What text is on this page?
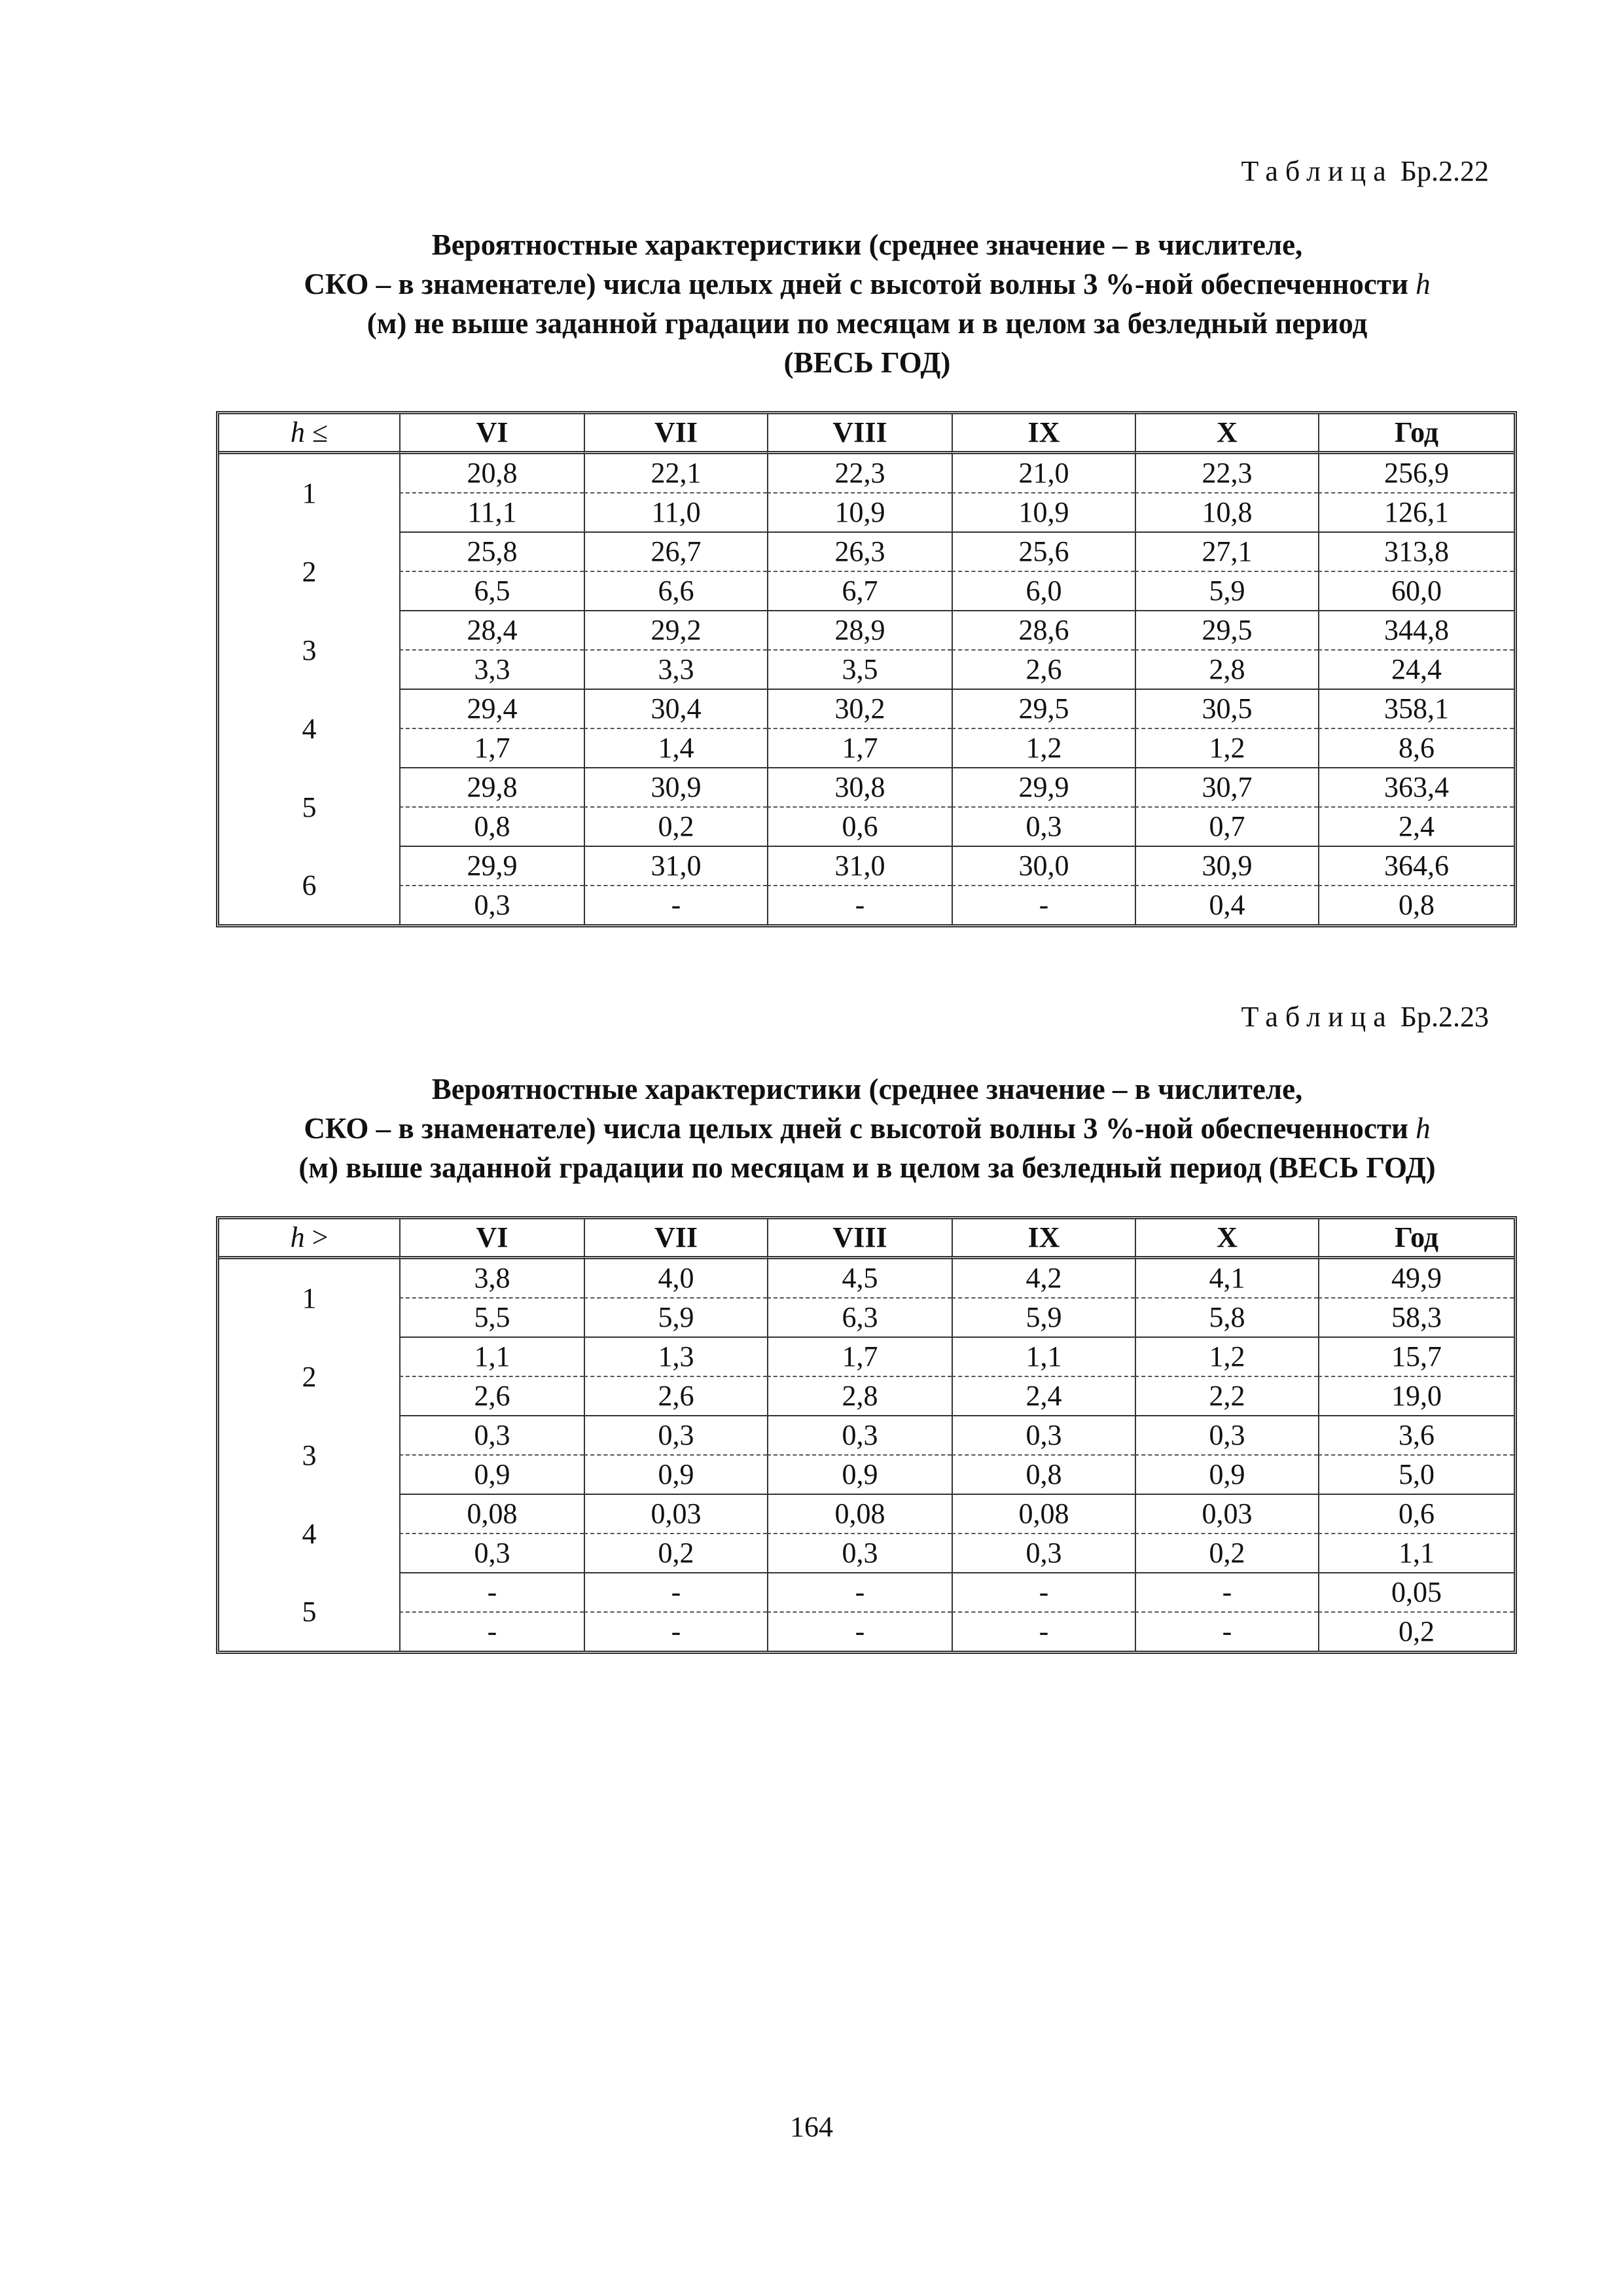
Таблица Бр.2.22
Вероятностные характеристики (среднее значение – в числителе,
СКО – в знаменателе) числа целых дней с высотой волны 3 %-ной обеспеченности h
(м) не выше заданной градации по месяцам и в целом за безледный период
(ВЕСЬ ГОД)
h ≤	VI	VII	VIII	IX	X	Год
1	20,8	22,1	22,3	21,0	22,3	256,9
	11,1	11,0	10,9	10,9	10,8	126,1
2	25,8	26,7	26,3	25,6	27,1	313,8
	6,5	6,6	6,7	6,0	5,9	60,0
3	28,4	29,2	28,9	28,6	29,5	344,8
	3,3	3,3	3,5	2,6	2,8	24,4
4	29,4	30,4	30,2	29,5	30,5	358,1
	1,7	1,4	1,7	1,2	1,2	8,6
5	29,8	30,9	30,8	29,9	30,7	363,4
	0,8	0,2	0,6	0,3	0,7	2,4
6	29,9	31,0	31,0	30,0	30,9	364,6
	0,3	-	-	-	0,4	0,8
Таблица Бр.2.23
Вероятностные характеристики (среднее значение – в числителе,
СКО – в знаменателе) числа целых дней с высотой волны 3 %-ной обеспеченности h
(м) выше заданной градации по месяцам и в целом за безледный период (ВЕСЬ ГОД)
h >	VI	VII	VIII	IX	X	Год
1	3,8	4,0	4,5	4,2	4,1	49,9
	5,5	5,9	6,3	5,9	5,8	58,3
2	1,1	1,3	1,7	1,1	1,2	15,7
	2,6	2,6	2,8	2,4	2,2	19,0
3	0,3	0,3	0,3	0,3	0,3	3,6
	0,9	0,9	0,9	0,8	0,9	5,0
4	0,08	0,03	0,08	0,08	0,03	0,6
	0,3	0,2	0,3	0,3	0,2	1,1
5	-	-	-	-	-	0,05
	-	-	-	-	-	0,2
164
